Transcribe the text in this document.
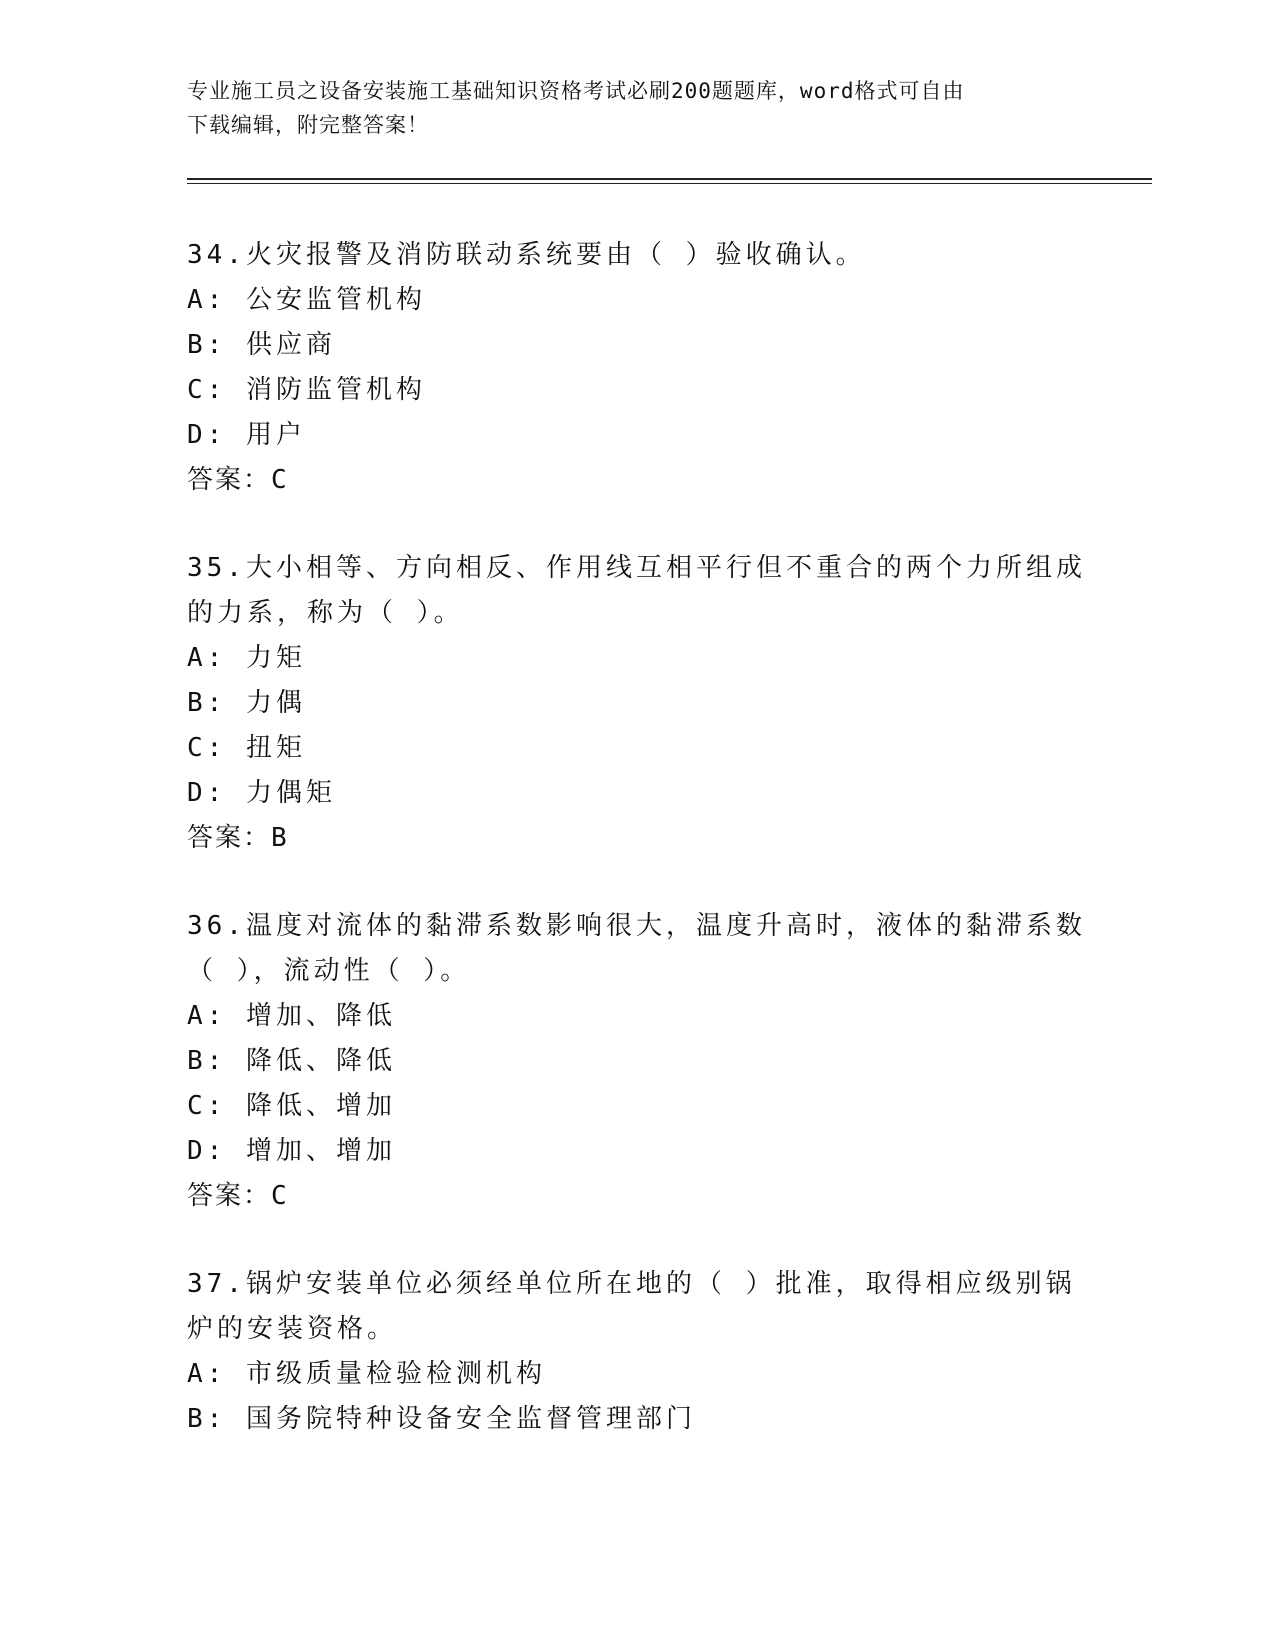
专业施工员之设备安装施工基础知识资格考试必刷200题题库，word格式可自由
下载编辑，附完整答案！

34.火灾报警及消防联动系统要由（ ）验收确认。

A: 公安监管机构

B: 供应商

C: 消防监管机构

D: 用户

答案：C

35.大小相等、方向相反、作用线互相平行但不重合的两个力所组成的力系，称为（ ）。

A: 力矩

B: 力偶

C: 扭矩

D: 力偶矩

答案：B

36.温度对流体的黏滞系数影响很大，温度升高时，液体的黏滞系数（ ），流动性（ ）。

A: 增加、降低

B: 降低、降低

C: 降低、增加

D: 增加、增加

答案：C

37.锅炉安装单位必须经单位所在地的（ ）批准，取得相应级别锅炉的安装资格。

A: 市级质量检验检测机构

B: 国务院特种设备安全监督管理部门
